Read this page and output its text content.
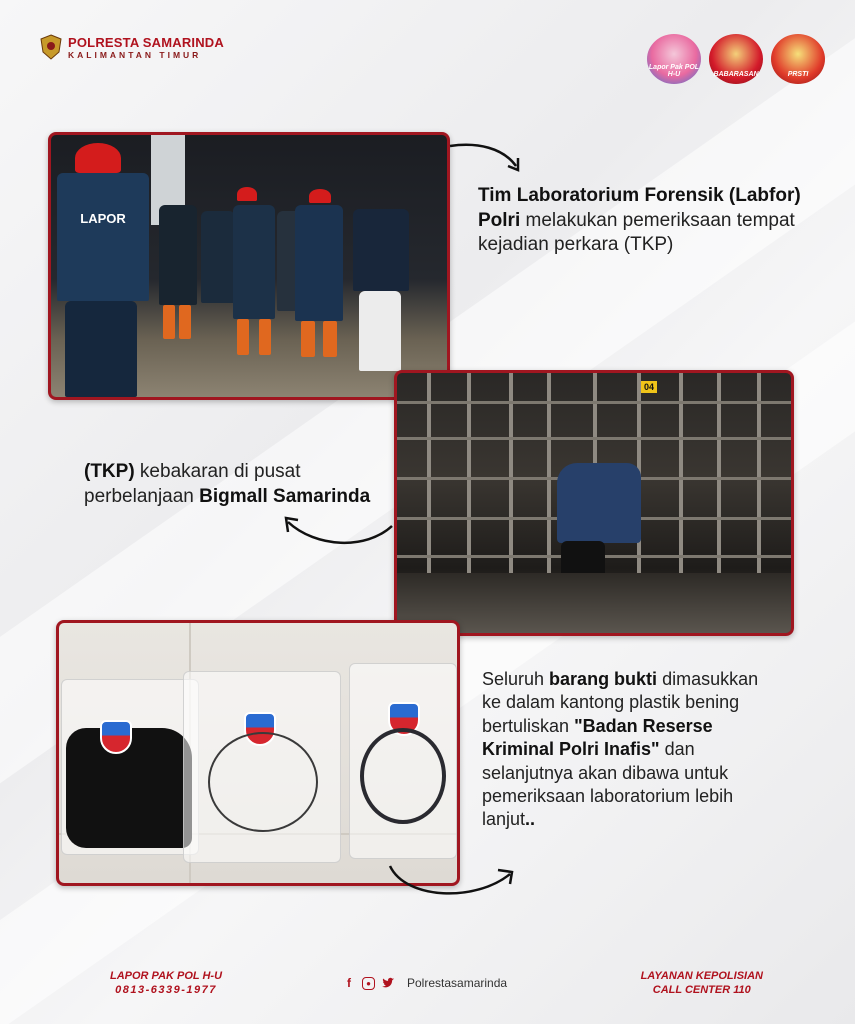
POLRESTA SAMARINDA
KALIMANTAN TIMUR
Lapor Pak POL H-U	BABARASAN	PRSTI
LAPOR
04
Tim Laboratorium Forensik (Labfor) Polri melakukan pemeriksaan tempat kejadian perkara (TKP)
(TKP) kebakaran di pusat perbelanjaan Bigmall Samarinda
Seluruh barang bukti dimasukkan ke dalam kantong plastik bening bertuliskan "Badan Reserse Kriminal Polri Inafis" dan selanjutnya akan dibawa untuk pemeriksaan laboratorium lebih lanjut..
LAPOR PAK POL H-U
0813-6339-1977	f	●	Polrestasamarinda	LAYANAN KEPOLISIAN
CALL CENTER 110
